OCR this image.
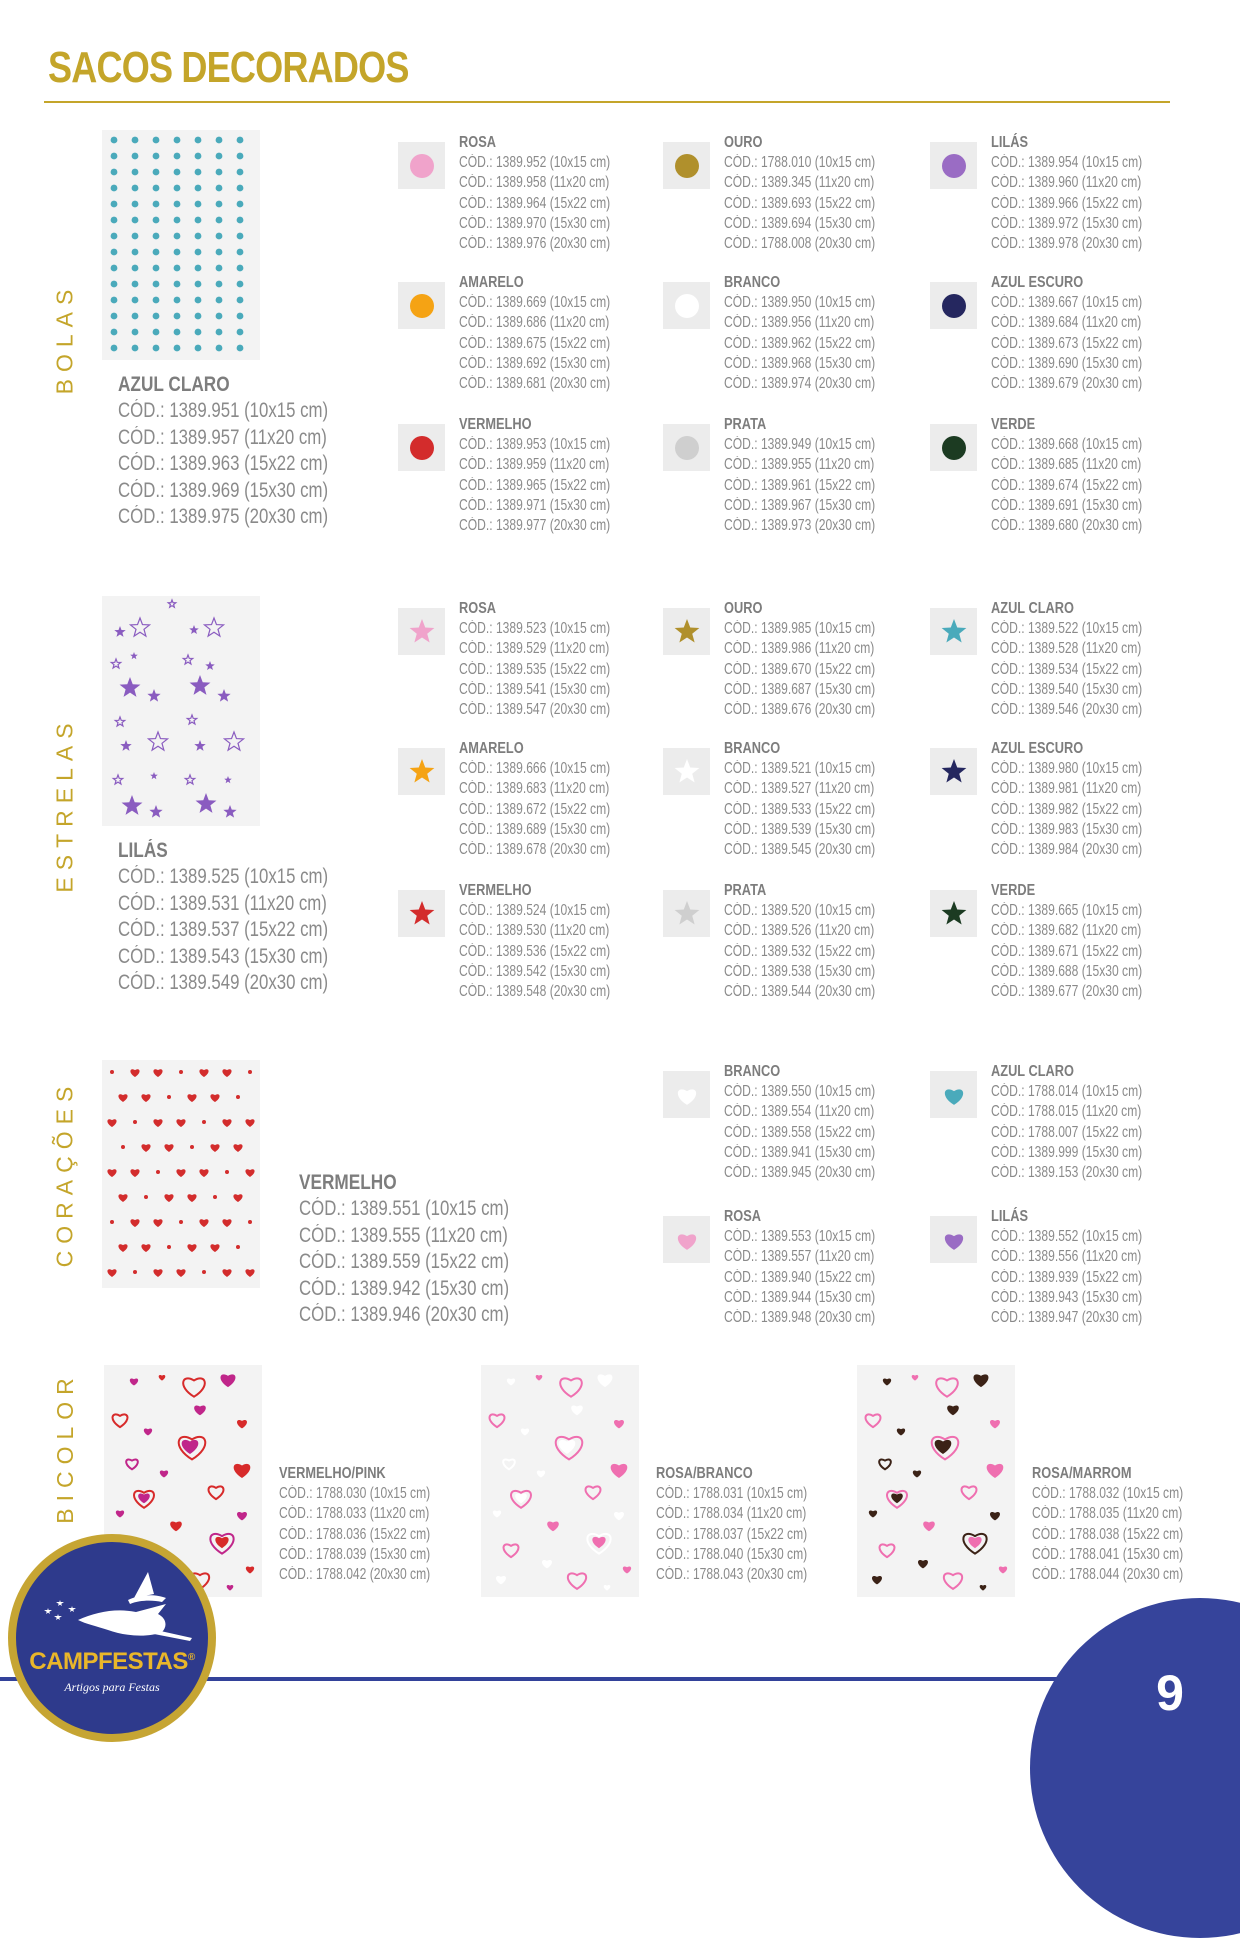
SACOS DECORADOS
BOLAS AZUL CLARO
CÓD.: 1389.951 (10x15 cm)
CÓD.: 1389.957 (11x20 cm)
CÓD.: 1389.963 (15x22 cm)
CÓD.: 1389.969 (15x30 cm)
CÓD.: 1389.975 (20x30 cm)
ROSA
CÓD.: 1389.952 (10x15 cm)
CÓD.: 1389.958 (11x20 cm)
CÓD.: 1389.964 (15x22 cm)
CÓD.: 1389.970 (15x30 cm)
CÓD.: 1389.976 (20x30 cm)
OURO
CÓD.: 1788.010 (10x15 cm)
CÓD.: 1389.345 (11x20 cm)
CÓD.: 1389.693 (15x22 cm)
CÓD.: 1389.694 (15x30 cm)
CÓD.: 1788.008 (20x30 cm)
LILÁS
CÓD.: 1389.954 (10x15 cm)
CÓD.: 1389.960 (11x20 cm)
CÓD.: 1389.966 (15x22 cm)
CÓD.: 1389.972 (15x30 cm)
CÓD.: 1389.978 (20x30 cm)
AMARELO
CÓD.: 1389.669 (10x15 cm)
CÓD.: 1389.686 (11x20 cm)
CÓD.: 1389.675 (15x22 cm)
CÓD.: 1389.692 (15x30 cm)
CÓD.: 1389.681 (20x30 cm)
BRANCO
CÓD.: 1389.950 (10x15 cm)
CÓD.: 1389.956 (11x20 cm)
CÓD.: 1389.962 (15x22 cm)
CÓD.: 1389.968 (15x30 cm)
CÓD.: 1389.974 (20x30 cm)
AZUL ESCURO
CÓD.: 1389.667 (10x15 cm)
CÓD.: 1389.684 (11x20 cm)
CÓD.: 1389.673 (15x22 cm)
CÓD.: 1389.690 (15x30 cm)
CÓD.: 1389.679 (20x30 cm)
VERMELHO
CÓD.: 1389.953 (10x15 cm)
CÓD.: 1389.959 (11x20 cm)
CÓD.: 1389.965 (15x22 cm)
CÓD.: 1389.971 (15x30 cm)
CÓD.: 1389.977 (20x30 cm)
PRATA
CÓD.: 1389.949 (10x15 cm)
CÓD.: 1389.955 (11x20 cm)
CÓD.: 1389.961 (15x22 cm)
CÓD.: 1389.967 (15x30 cm)
CÓD.: 1389.973 (20x30 cm)
VERDE
CÓD.: 1389.668 (10x15 cm)
CÓD.: 1389.685 (11x20 cm)
CÓD.: 1389.674 (15x22 cm)
CÓD.: 1389.691 (15x30 cm)
CÓD.: 1389.680 (20x30 cm)
ESTRELAS LILÁS
CÓD.: 1389.525 (10x15 cm)
CÓD.: 1389.531 (11x20 cm)
CÓD.: 1389.537 (15x22 cm)
CÓD.: 1389.543 (15x30 cm)
CÓD.: 1389.549 (20x30 cm)
ROSA
CÓD.: 1389.523 (10x15 cm)
CÓD.: 1389.529 (11x20 cm)
CÓD.: 1389.535 (15x22 cm)
CÓD.: 1389.541 (15x30 cm)
CÓD.: 1389.547 (20x30 cm)
OURO
CÓD.: 1389.985 (10x15 cm)
CÓD.: 1389.986 (11x20 cm)
CÓD.: 1389.670 (15x22 cm)
CÓD.: 1389.687 (15x30 cm)
CÓD.: 1389.676 (20x30 cm)
AZUL CLARO
CÓD.: 1389.522 (10x15 cm)
CÓD.: 1389.528 (11x20 cm)
CÓD.: 1389.534 (15x22 cm)
CÓD.: 1389.540 (15x30 cm)
CÓD.: 1389.546 (20x30 cm)
AMARELO
CÓD.: 1389.666 (10x15 cm)
CÓD.: 1389.683 (11x20 cm)
CÓD.: 1389.672 (15x22 cm)
CÓD.: 1389.689 (15x30 cm)
CÓD.: 1389.678 (20x30 cm)
BRANCO
CÓD.: 1389.521 (10x15 cm)
CÓD.: 1389.527 (11x20 cm)
CÓD.: 1389.533 (15x22 cm)
CÓD.: 1389.539 (15x30 cm)
CÓD.: 1389.545 (20x30 cm)
AZUL ESCURO
CÓD.: 1389.980 (10x15 cm)
CÓD.: 1389.981 (11x20 cm)
CÓD.: 1389.982 (15x22 cm)
CÓD.: 1389.983 (15x30 cm)
CÓD.: 1389.984 (20x30 cm)
VERMELHO
CÓD.: 1389.524 (10x15 cm)
CÓD.: 1389.530 (11x20 cm)
CÓD.: 1389.536 (15x22 cm)
CÓD.: 1389.542 (15x30 cm)
CÓD.: 1389.548 (20x30 cm)
PRATA
CÓD.: 1389.520 (10x15 cm)
CÓD.: 1389.526 (11x20 cm)
CÓD.: 1389.532 (15x22 cm)
CÓD.: 1389.538 (15x30 cm)
CÓD.: 1389.544 (20x30 cm)
VERDE
CÓD.: 1389.665 (10x15 cm)
CÓD.: 1389.682 (11x20 cm)
CÓD.: 1389.671 (15x22 cm)
CÓD.: 1389.688 (15x30 cm)
CÓD.: 1389.677 (20x30 cm)
CORAÇÕES	VERMELHO
CÓD.: 1389.551 (10x15 cm)
CÓD.: 1389.555 (11x20 cm)
CÓD.: 1389.559 (15x22 cm)
CÓD.: 1389.942 (15x30 cm)
CÓD.: 1389.946 (20x30 cm)
BRANCO
CÓD.: 1389.550 (10x15 cm)
CÓD.: 1389.554 (11x20 cm)
CÓD.: 1389.558 (15x22 cm)
CÓD.: 1389.941 (15x30 cm)
CÓD.: 1389.945 (20x30 cm)
AZUL CLARO
CÓD.: 1788.014 (10x15 cm)
CÓD.: 1788.015 (11x20 cm)
CÓD.: 1788.007 (15x22 cm)
CÓD.: 1389.999 (15x30 cm)
CÓD.: 1389.153 (20x30 cm)
ROSA
CÓD.: 1389.553 (10x15 cm)
CÓD.: 1389.557 (11x20 cm)
CÓD.: 1389.940 (15x22 cm)
CÓD.: 1389.944 (15x30 cm)
CÓD.: 1389.948 (20x30 cm)
LILÁS
CÓD.: 1389.552 (10x15 cm)
CÓD.: 1389.556 (11x20 cm)
CÓD.: 1389.939 (15x22 cm)
CÓD.: 1389.943 (15x30 cm)
CÓD.: 1389.947 (20x30 cm)
BICOLOR	VERMELHO/PINK
CÓD.: 1788.030 (10x15 cm)
CÓD.: 1788.033 (11x20 cm)
CÓD.: 1788.036 (15x22 cm)
CÓD.: 1788.039 (15x30 cm)
CÓD.: 1788.042 (20x30 cm)
ROSA/BRANCO
CÓD.: 1788.031 (10x15 cm)
CÓD.: 1788.034 (11x20 cm)
CÓD.: 1788.037 (15x22 cm)
CÓD.: 1788.040 (15x30 cm)
CÓD.: 1788.043 (20x30 cm)
ROSA/MARROM
CÓD.: 1788.032 (10x15 cm)
CÓD.: 1788.035 (11x20 cm)
CÓD.: 1788.038 (15x22 cm)
CÓD.: 1788.041 (15x30 cm)
CÓD.: 1788.044 (20x30 cm)
9
CAMPFESTAS®
Artigos para Festas
